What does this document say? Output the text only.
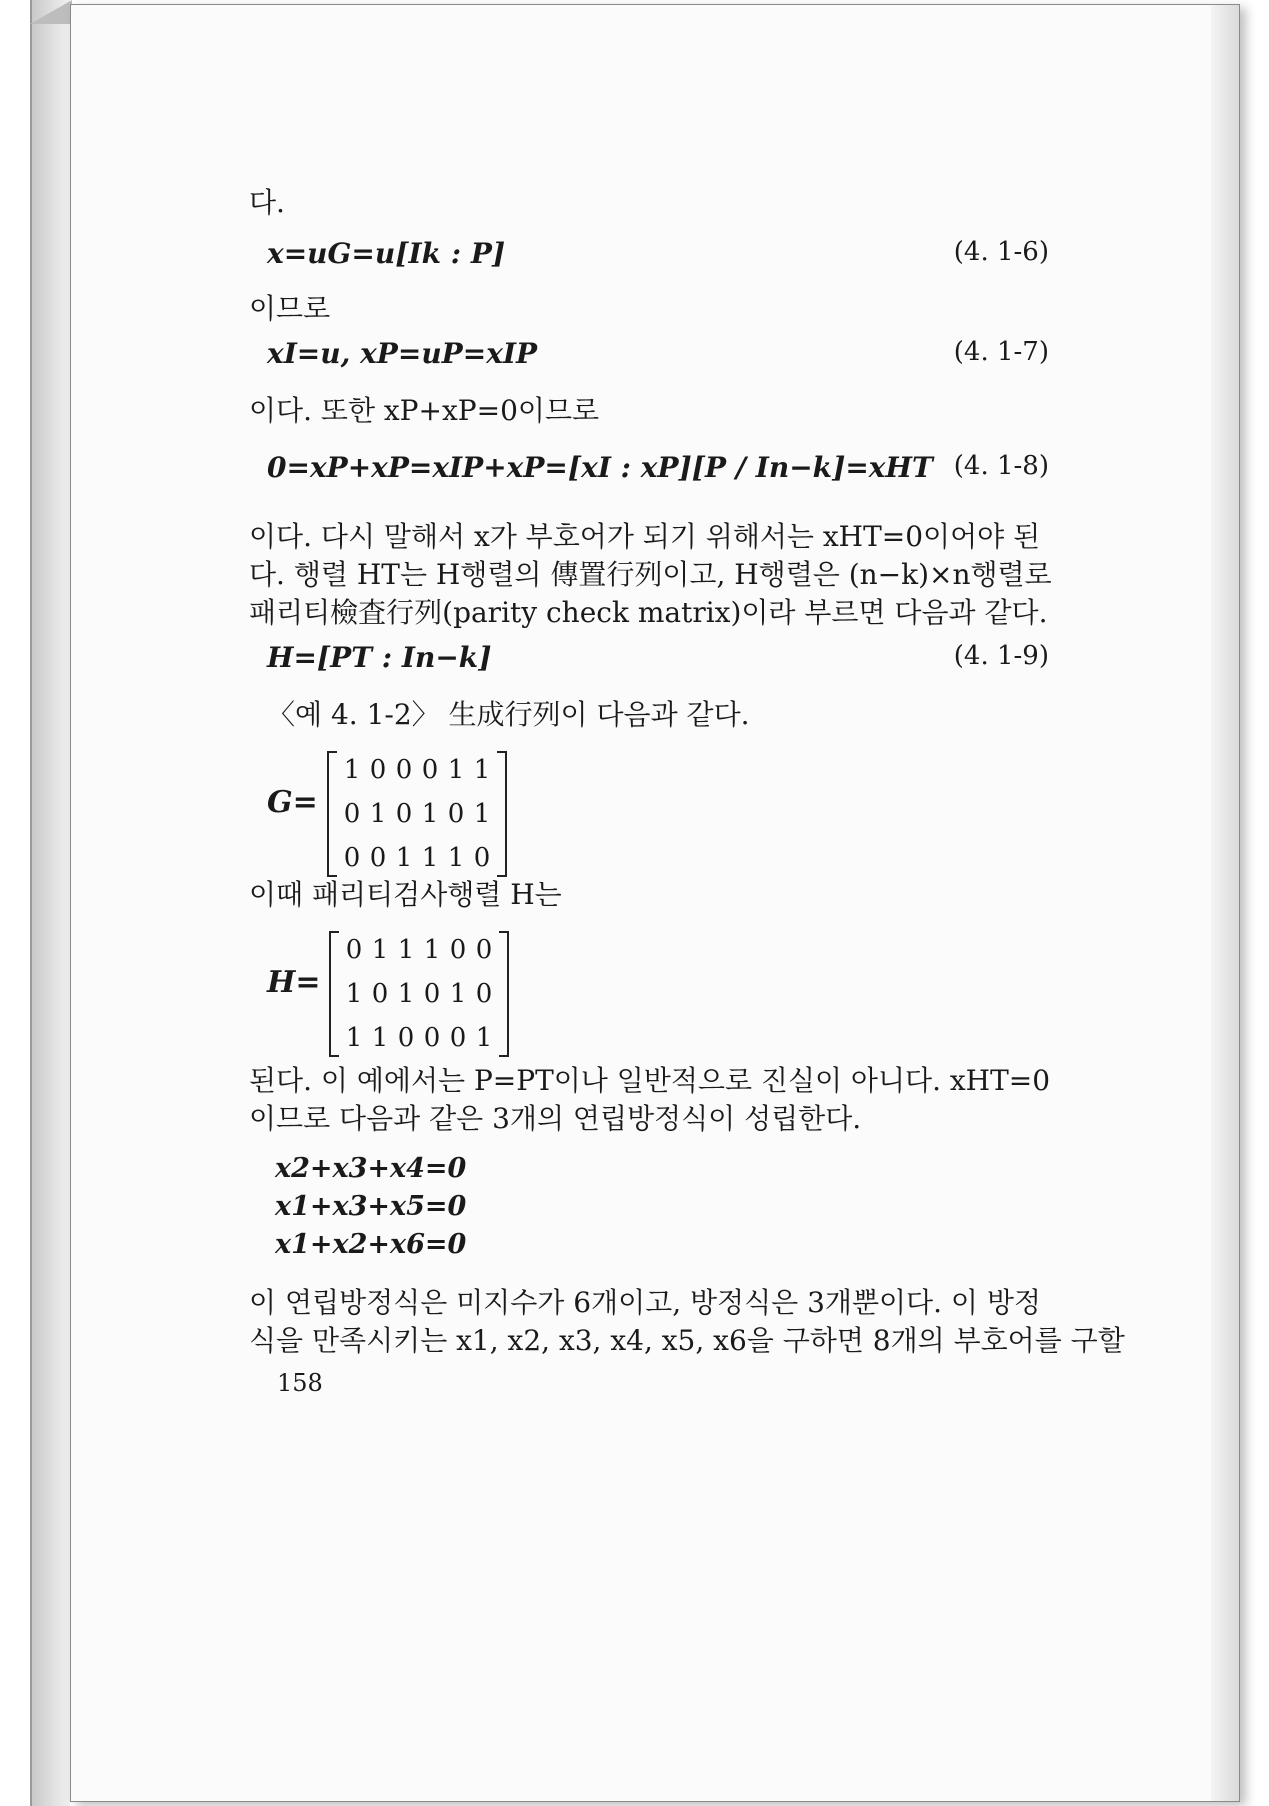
다.
x=uG=u[Ik : P]	(4. 1-6)
이므로
xI=u, xP=uP=xIP	(4. 1-7)
이다. 또한 xP+xP=0이므로
0=xP+xP=xIP+xP=[xI : xP][P / In−k]=xHT (4. 1-8)
이다. 다시 말해서 x가 부호어가 되기 위해서는 xHT=0이어야 된
다. 행렬 HT는 H행렬의 傳置行列이고, H행렬은 (n−k)×n행렬로
패리티檢査行列(parity check matrix)이라 부르면 다음과 같다.
H=[PT : In−k]	(4. 1-9)
〈예 4. 1-2〉 生成行列이 다음과 같다.
G=
1 0 0 0 1 1
0 1 0 1 0 1
0 0 1 1 1 0
이때 패리티검사행렬 H는
H=
0 1 1 1 0 0
1 0 1 0 1 0
1 1 0 0 0 1
된다. 이 예에서는 P=PT이나 일반적으로 진실이 아니다. xHT=0
이므로 다음과 같은 3개의 연립방정식이 성립한다.
x2+x3+x4=0
x1+x3+x5=0
x1+x2+x6=0
이 연립방정식은 미지수가 6개이고, 방정식은 3개뿐이다. 이 방정
식을 만족시키는 x1, x2, x3, x4, x5, x6을 구하면 8개의 부호어를 구할
158
